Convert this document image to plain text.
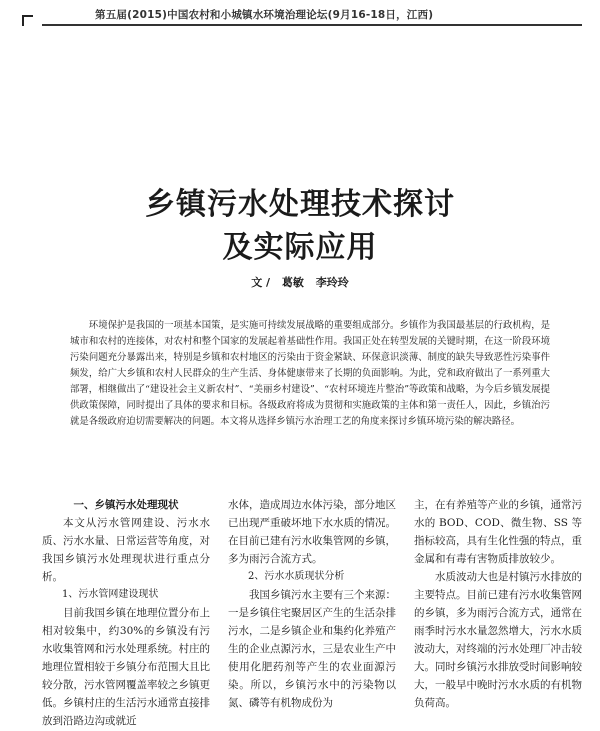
第五届(2015)中国农村和小城镇水环境治理论坛(9月16-18日，江西)
乡镇污水处理技术探讨
及实际应用
文 / 葛敏 李玲玲
环境保护是我国的一项基本国策，是实施可持续发展战略的重要组成部分。乡镇作为我国最基层的行政机构，是城市和农村的连接体，对农村和整个国家的发展起着基础性作用。我国正处在转型发展的关键时期，在这一阶段环境污染问题充分暴露出来，特别是乡镇和农村地区的污染由于资金紧缺、环保意识淡薄、制度的缺失导致恶性污染事件频发，给广大乡镇和农村人民群众的生产生活、身体健康带来了长期的负面影响。为此，党和政府做出了一系列重大部署，相继做出了“建设社会主义新农村”、“美丽乡村建设”、“农村环境连片整治”等政策和战略，为今后乡镇发展提供政策保障，同时提出了具体的要求和目标。各级政府将成为贯彻和实施政策的主体和第一责任人，因此，乡镇治污就是各级政府迫切需要解决的问题。本文将从选择乡镇污水治理工艺的角度来探讨乡镇环境污染的解决路径。

一、乡镇污水处理现状

本文从污水管网建设、污水水质、污水水量、日常运营等角度，对我国乡镇污水处理现状进行重点分析。

1、污水管网建设现状

目前我国乡镇在地理位置分布上相对较集中，约30%的乡镇没有污水收集管网和污水处理系统。村庄的地理位置相较于乡镇分布范围大且比较分散，污水管网覆盖率较之乡镇更低。乡镇村庄的生活污水通常直接排放到沿路边沟或就近

水体，造成周边水体污染，部分地区已出现严重破坏地下水水质的情况。在目前已建有污水收集管网的乡镇，多为雨污合流方式。

2、污水水质现状分析

我国乡镇污水主要有三个来源：一是乡镇住宅聚居区产生的生活杂排污水，二是乡镇企业和集约化养殖产生的企业点源污水，三是农业生产中使用化肥药剂等产生的农业面源污染。所以，乡镇污水中的污染物以氮、磷等有机物成份为

主，在有养殖等产业的乡镇，通常污水的 BOD、COD、微生物、SS 等指标较高，具有生化性强的特点，重金属和有毒有害物质排放较少。

水质波动大也是村镇污水排放的主要特点。目前已建有污水收集管网的乡镇，多为雨污合流方式，通常在雨季时污水水量忽然增大，污水水质波动大，对终端的污水处理厂冲击较大。同时乡镇污水排放受时间影响较大，一般早中晚时污水水质的有机物负荷高。
